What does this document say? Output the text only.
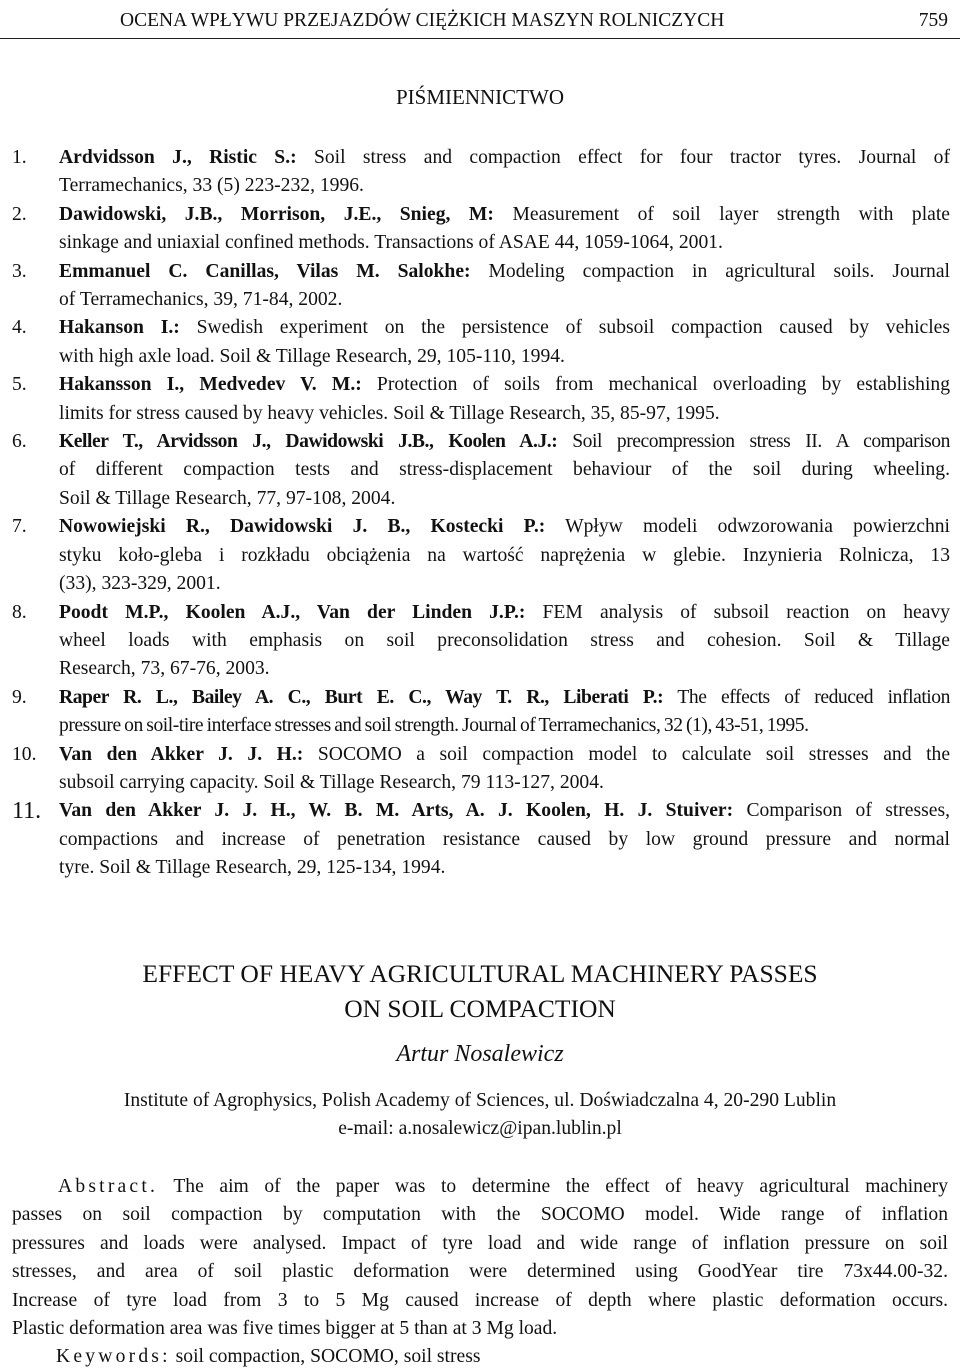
OCENA WPŁYWU PRZEJAZDÓW CIĘŻKICH MASZYN ROLNICZYCH	759
PIŚMIENNICTWO
1. Ardvidsson J., Ristic S.: Soil stress and compaction effect for four tractor tyres. Journal of
Terramechanics, 33 (5) 223-232, 1996.
2. Dawidowski, J.B., Morrison, J.E., Snieg, M: Measurement of soil layer strength with plate
sinkage and uniaxial confined methods. Transactions of ASAE 44, 1059-1064, 2001.
3. Emmanuel C. Canillas, Vilas M. Salokhe: Modeling compaction in agricultural soils. Journal
of Terramechanics, 39, 71-84, 2002.
4. Hakanson I.: Swedish experiment on the persistence of subsoil compaction caused by vehicles
with high axle load. Soil & Tillage Research, 29, 105-110, 1994.
5. Hakansson I., Medvedev V. M.: Protection of soils from mechanical overloading by establishing
limits for stress caused by heavy vehicles. Soil & Tillage Research, 35, 85-97, 1995.
6. Keller T., Arvidsson J., Dawidowski J.B., Koolen A.J.: Soil precompression stress II. A comparison
of different compaction tests and stress-displacement behaviour of the soil during wheeling.
Soil & Tillage Research, 77, 97-108, 2004.
7. Nowowiejski R., Dawidowski J. B., Kostecki P.: Wpływ modeli odwzorowania powierzchni
styku koło-gleba i rozkładu obciążenia na wartość naprężenia w glebie. Inzynieria Rolnicza, 13
(33), 323-329, 2001.
8. Poodt M.P., Koolen A.J., Van der Linden J.P.: FEM analysis of subsoil reaction on heavy
wheel loads with emphasis on soil preconsolidation stress and cohesion. Soil & Tillage
Research, 73, 67-76, 2003.
9. Raper R. L., Bailey A. C., Burt E. C., Way T. R., Liberati P.: The effects of reduced inflation
pressure on soil-tire interface stresses and soil strength. Journal of Terramechanics, 32 (1), 43-51, 1995.
10. Van den Akker J. J. H.: SOCOMO a soil compaction model to calculate soil stresses and the
subsoil carrying capacity. Soil & Tillage Research, 79 113-127, 2004.
11. Van den Akker J. J. H., W. B. M. Arts, A. J. Koolen, H. J. Stuiver: Comparison of stresses,
compactions and increase of penetration resistance caused by low ground pressure and normal
tyre. Soil & Tillage Research, 29, 125-134, 1994.
EFFECT OF HEAVY AGRICULTURAL MACHINERY PASSES
ON SOIL COMPACTION
Artur Nosalewicz
Institute of Agrophysics, Polish Academy of Sciences, ul. Doświadczalna 4, 20-290 Lublin
e-mail: a.nosalewicz@ipan.lublin.pl
Abstract. The aim of the paper was to determine the effect of heavy agricultural machinery
passes on soil compaction by computation with the SOCOMO model. Wide range of inflation
pressures and loads were analysed. Impact of tyre load and wide range of inflation pressure on soil
stresses, and area of soil plastic deformation were determined using GoodYear tire 73x44.00-32.
Increase of tyre load from 3 to 5 Mg caused increase of depth where plastic deformation occurs.
Plastic deformation area was five times bigger at 5 than at 3 Mg load.
Keywords: soil compaction, SOCOMO, soil stress
